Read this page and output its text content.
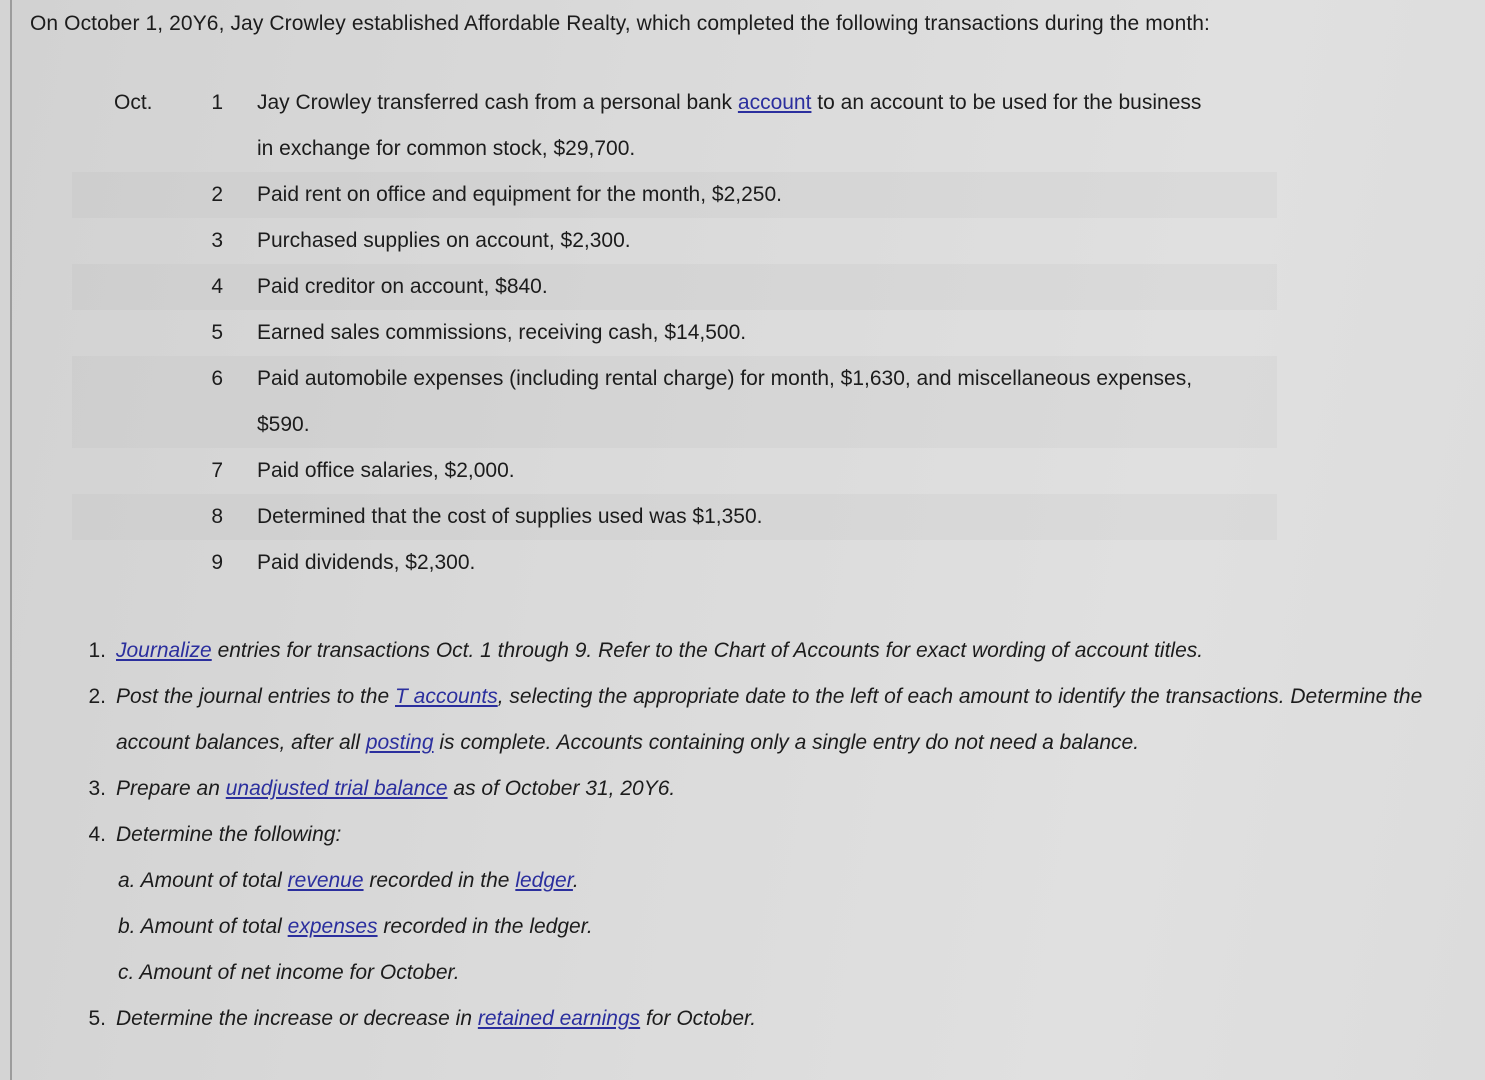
On October 1, 20Y6, Jay Crowley established Affordable Realty, which completed the following transactions during the month:
Oct.	1 Jay Crowley transferred cash from a personal bank account to an account to be used for the business
in exchange for common stock, $29,700.
2 Paid rent on office and equipment for the month, $2,250.
3 Purchased supplies on account, $2,300.
4 Paid creditor on account, $840.
5 Earned sales commissions, receiving cash, $14,500.
6 Paid automobile expenses (including rental charge) for month, $1,630, and miscellaneous expenses,
$590.
7 Paid office salaries, $2,000.
8 Determined that the cost of supplies used was $1,350.
9 Paid dividends, $2,300.
1. Journalize entries for transactions Oct. 1 through 9. Refer to the Chart of Accounts for exact wording of account titles.
2. Post the journal entries to the T accounts, selecting the appropriate date to the left of each amount to identify the transactions. Determine the
account balances, after all posting is complete. Accounts containing only a single entry do not need a balance.
3. Prepare an unadjusted trial balance as of October 31, 20Y6.
4. Determine the following:
a. Amount of total revenue recorded in the ledger.
b. Amount of total expenses recorded in the ledger.
c. Amount of net income for October.
5. Determine the increase or decrease in retained earnings for October.
